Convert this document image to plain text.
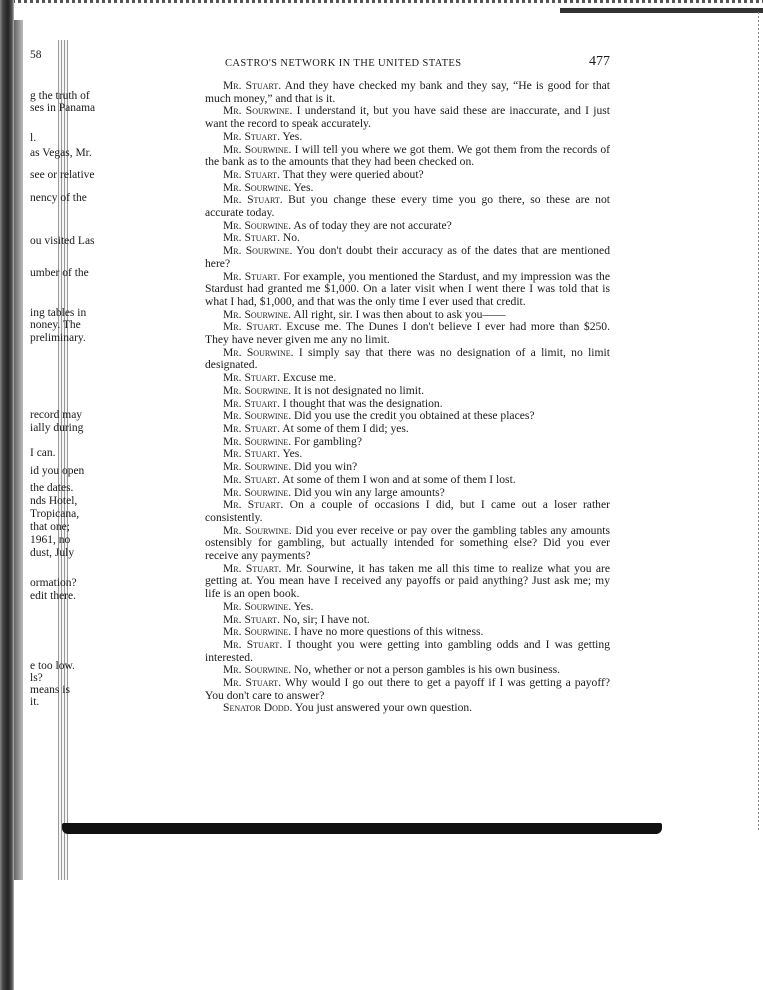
58
g the truth of
ses in Panama
l.
as Vegas, Mr.
see or relative
nency of the
ou visited Las
umber of the
ing tables in
noney. The
preliminary.
record may
ially during
I can.
id you open
the dates.
nds Hotel,
Tropicana,
that one;
1961, no
dust, July
ormation?
edit there.
e too low.
ls?
means is
it.
CASTRO'S NETWORK IN THE UNITED STATES	477

Mr. Stuart. And they have checked my bank and they say, “He is good for that much money,” and that is it.

Mr. Sourwine. I understand it, but you have said these are inaccurate, and I just want the record to speak accurately.

Mr. Stuart. Yes.

Mr. Sourwine. I will tell you where we got them. We got them from the records of the bank as to the amounts that they had been checked on.

Mr. Stuart. That they were queried about?

Mr. Sourwine. Yes.

Mr. Stuart. But you change these every time you go there, so these are not accurate today.

Mr. Sourwine. As of today they are not accurate?

Mr. Stuart. No.

Mr. Sourwine. You don't doubt their accuracy as of the dates that are mentioned here?

Mr. Stuart. For example, you mentioned the Stardust, and my impression was the Stardust had granted me $1,000. On a later visit when I went there I was told that is what I had, $1,000, and that was the only time I ever used that credit.

Mr. Sourwine. All right, sir. I was then about to ask you——

Mr. Stuart. Excuse me. The Dunes I don't believe I ever had more than $250. They have never given me any no limit.

Mr. Sourwine. I simply say that there was no designation of a limit, no limit designated.

Mr. Stuart. Excuse me.

Mr. Sourwine. It is not designated no limit.

Mr. Stuart. I thought that was the designation.

Mr. Sourwine. Did you use the credit you obtained at these places?

Mr. Stuart. At some of them I did; yes.

Mr. Sourwine. For gambling?

Mr. Stuart. Yes.

Mr. Sourwine. Did you win?

Mr. Stuart. At some of them I won and at some of them I lost.

Mr. Sourwine. Did you win any large amounts?

Mr. Stuart. On a couple of occasions I did, but I came out a loser rather consistently.

Mr. Sourwine. Did you ever receive or pay over the gambling tables any amounts ostensibly for gambling, but actually intended for something else? Did you ever receive any payments?

Mr. Stuart. Mr. Sourwine, it has taken me all this time to realize what you are getting at. You mean have I received any payoffs or paid anything? Just ask me; my life is an open book.

Mr. Sourwine. Yes.

Mr. Stuart. No, sir; I have not.

Mr. Sourwine. I have no more questions of this witness.

Mr. Stuart. I thought you were getting into gambling odds and I was getting interested.

Mr. Sourwine. No, whether or not a person gambles is his own business.

Mr. Stuart. Why would I go out there to get a payoff if I was getting a payoff? You don't care to answer?

Senator Dodd. You just answered your own question.
